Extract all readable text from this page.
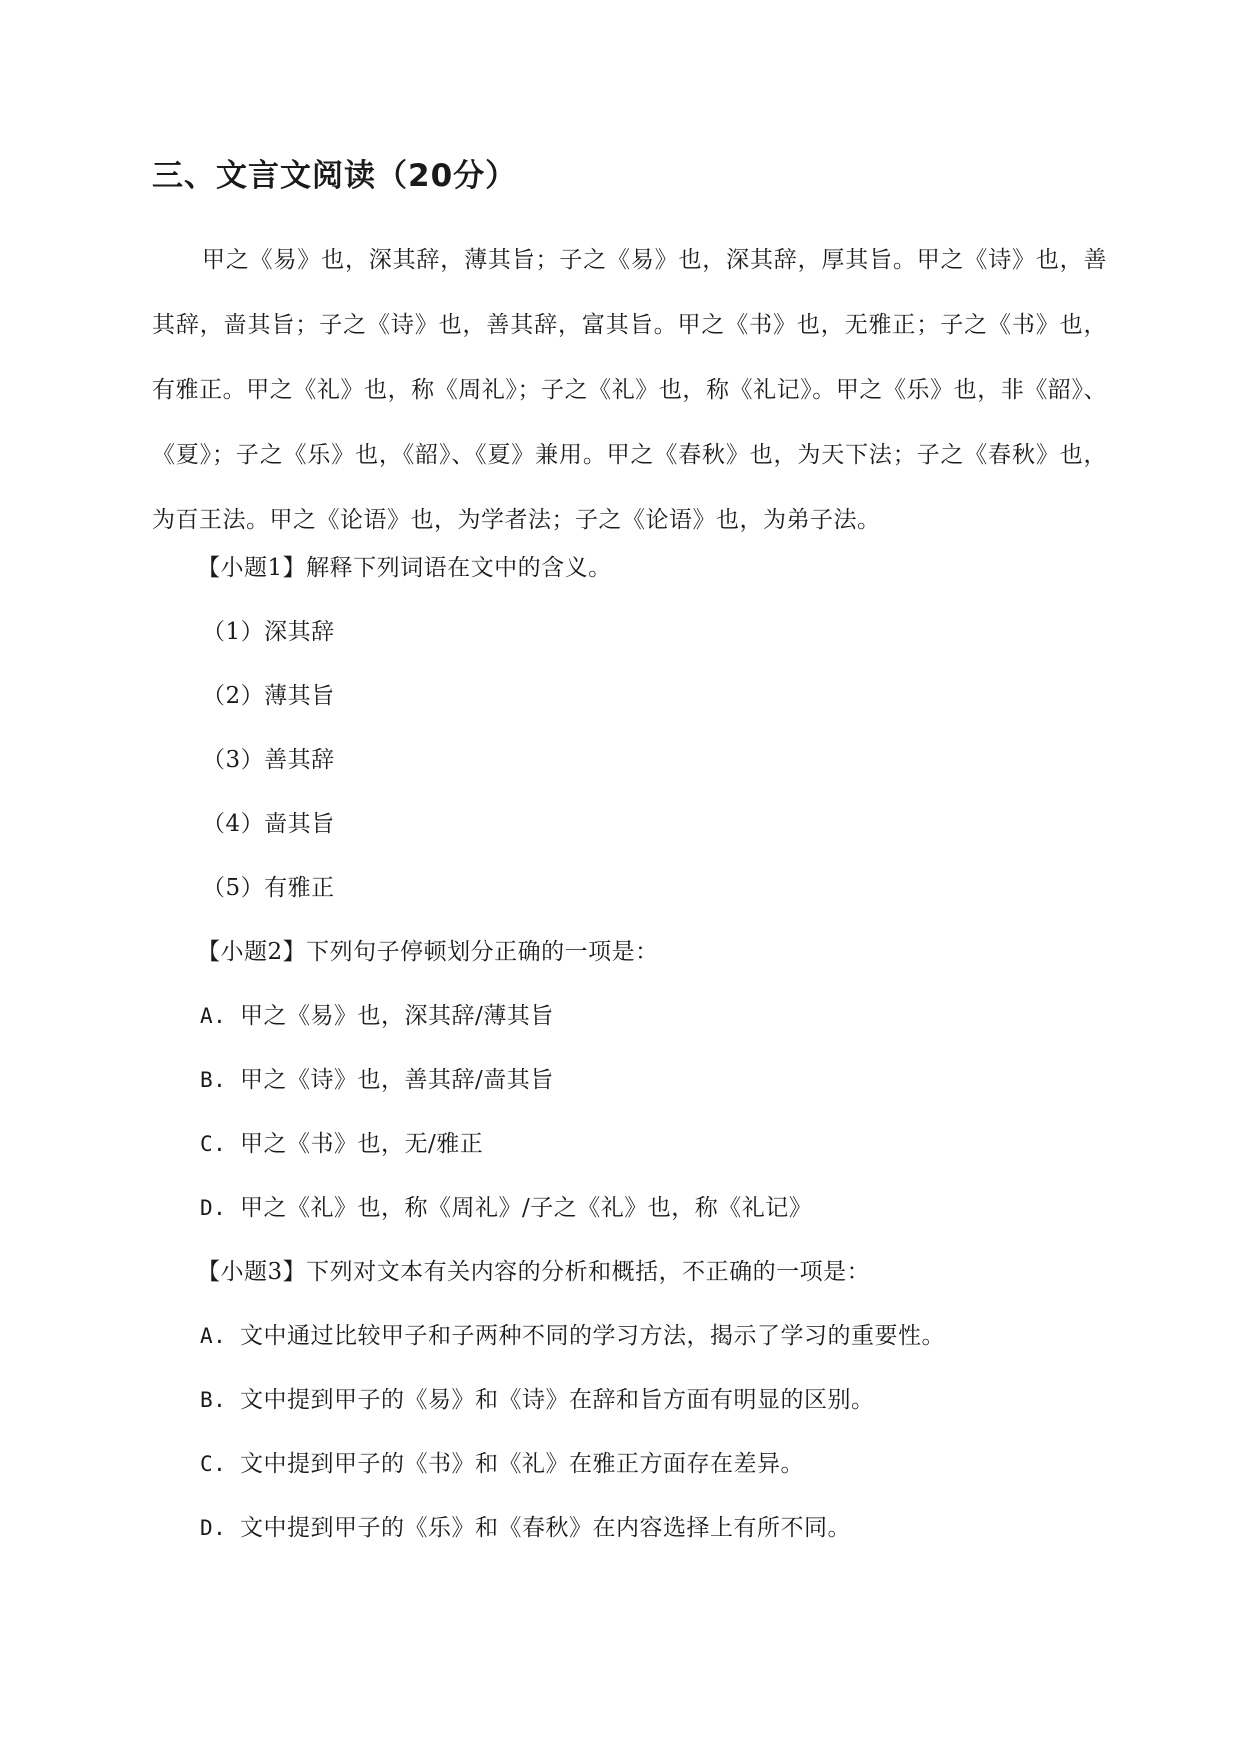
三、文言文阅读（20分）
甲之《易》也，深其辞，薄其旨；子之《易》也，深其辞，厚其旨。甲之《诗》也，善其辞，啬其旨；子之《诗》也，善其辞，富其旨。甲之《书》也，无雅正；子之《书》也，有雅正。甲之《礼》也，称《周礼》；子之《礼》也，称《礼记》。甲之《乐》也，非《韶》、《夏》；子之《乐》也，《韶》、《夏》兼用。甲之《春秋》也，为天下法；子之《春秋》也，为百王法。甲之《论语》也，为学者法；子之《论语》也，为弟子法。
【小题1】解释下列词语在文中的含义。
（1）深其辞
（2）薄其旨
（3）善其辞
（4）啬其旨
（5）有雅正
【小题2】下列句子停顿划分正确的一项是：
A. 甲之《易》也，深其辞/薄其旨
B. 甲之《诗》也，善其辞/啬其旨
C. 甲之《书》也，无/雅正
D. 甲之《礼》也，称《周礼》/子之《礼》也，称《礼记》
【小题3】下列对文本有关内容的分析和概括，不正确的一项是：
A. 文中通过比较甲子和子两种不同的学习方法，揭示了学习的重要性。
B. 文中提到甲子的《易》和《诗》在辞和旨方面有明显的区别。
C. 文中提到甲子的《书》和《礼》在雅正方面存在差异。
D. 文中提到甲子的《乐》和《春秋》在内容选择上有所不同。
